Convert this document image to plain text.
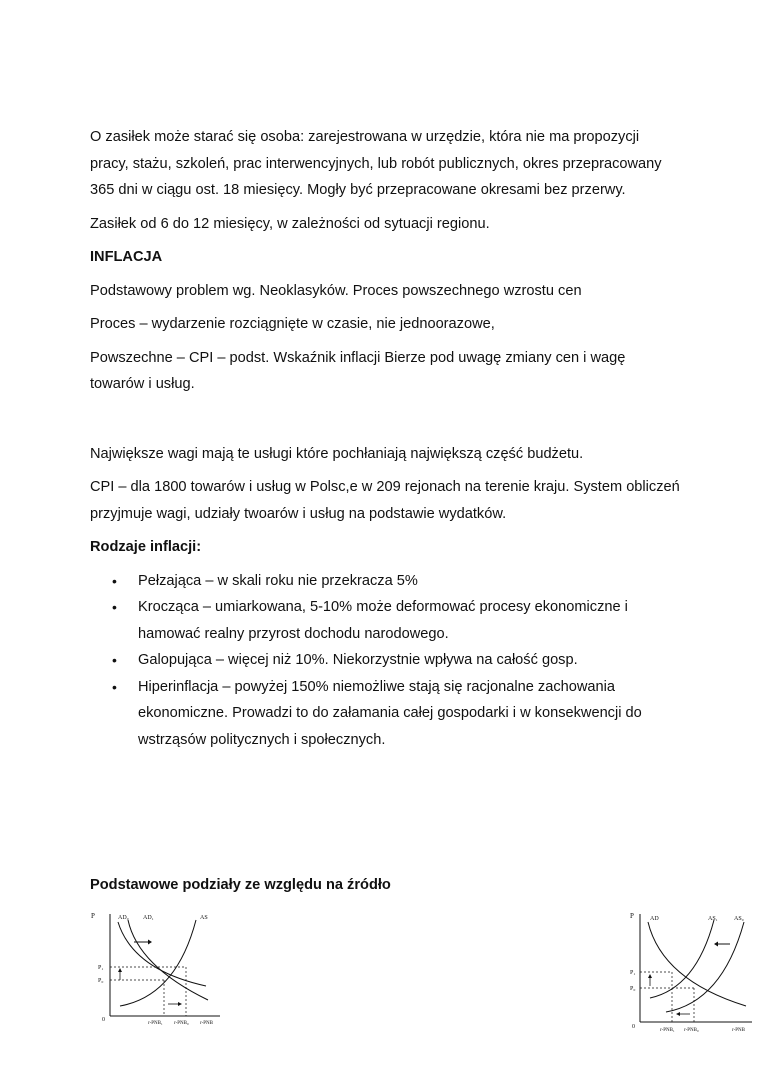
O zasiłek może starać się osoba: zarejestrowana w urzędzie, która nie ma propozycji pracy, stażu, szkoleń, prac interwencyjnych, lub robót publicznych, okres przepracowany 365 dni w ciągu ost. 18 miesięcy. Mogły być przepracowane okresami bez przerwy.

Zasiłek od 6 do 12 miesięcy, w zależności od sytuacji regionu.

INFLACJA

Podstawowy problem wg. Neoklasyków. Proces powszechnego wzrostu cen

Proces – wydarzenie rozciągnięte w czasie, nie jednoorazowe,

Powszechne – CPI – podst. Wskaźnik inflacji Bierze pod uwagę zmiany cen i wagę towarów i usług.

Największe wagi mają te usługi które pochłaniają największą część budżetu.

CPI – dla 1800 towarów i usług w Polsc,e w 209 rejonach na terenie kraju. System obliczeń przyjmuje wagi, udziały twoarów i usług na podstawie wydatków.

Rodzaje inflacji:

• Pełzająca – w skali roku nie przekracza 5%
• Krocząca – umiarkowana, 5-10% może deformować procesy ekonomiczne i hamować realny przyrost dochodu narodowego.
• Galopująca – więcej niż 10%. Niekorzystnie wpływa na całość gosp.
• Hiperinflacja – powyżej 150% niemożliwe stają się racjonalne zachowania ekonomiczne. Prowadzi to do załamania całej gospodarki i w konsekwencji do wstrząsów politycznych i społecznych.
Podstawowe podziały ze względu na źródło
P
0
AD₀ AD₁	AS
P₁
P₀
r-PNB₁ r-PNB₀ r-PNB
P
0
AD	AS₁	AS₀
P₁
P₀
r-PNB₁ r-PNB₀	r-PNB
